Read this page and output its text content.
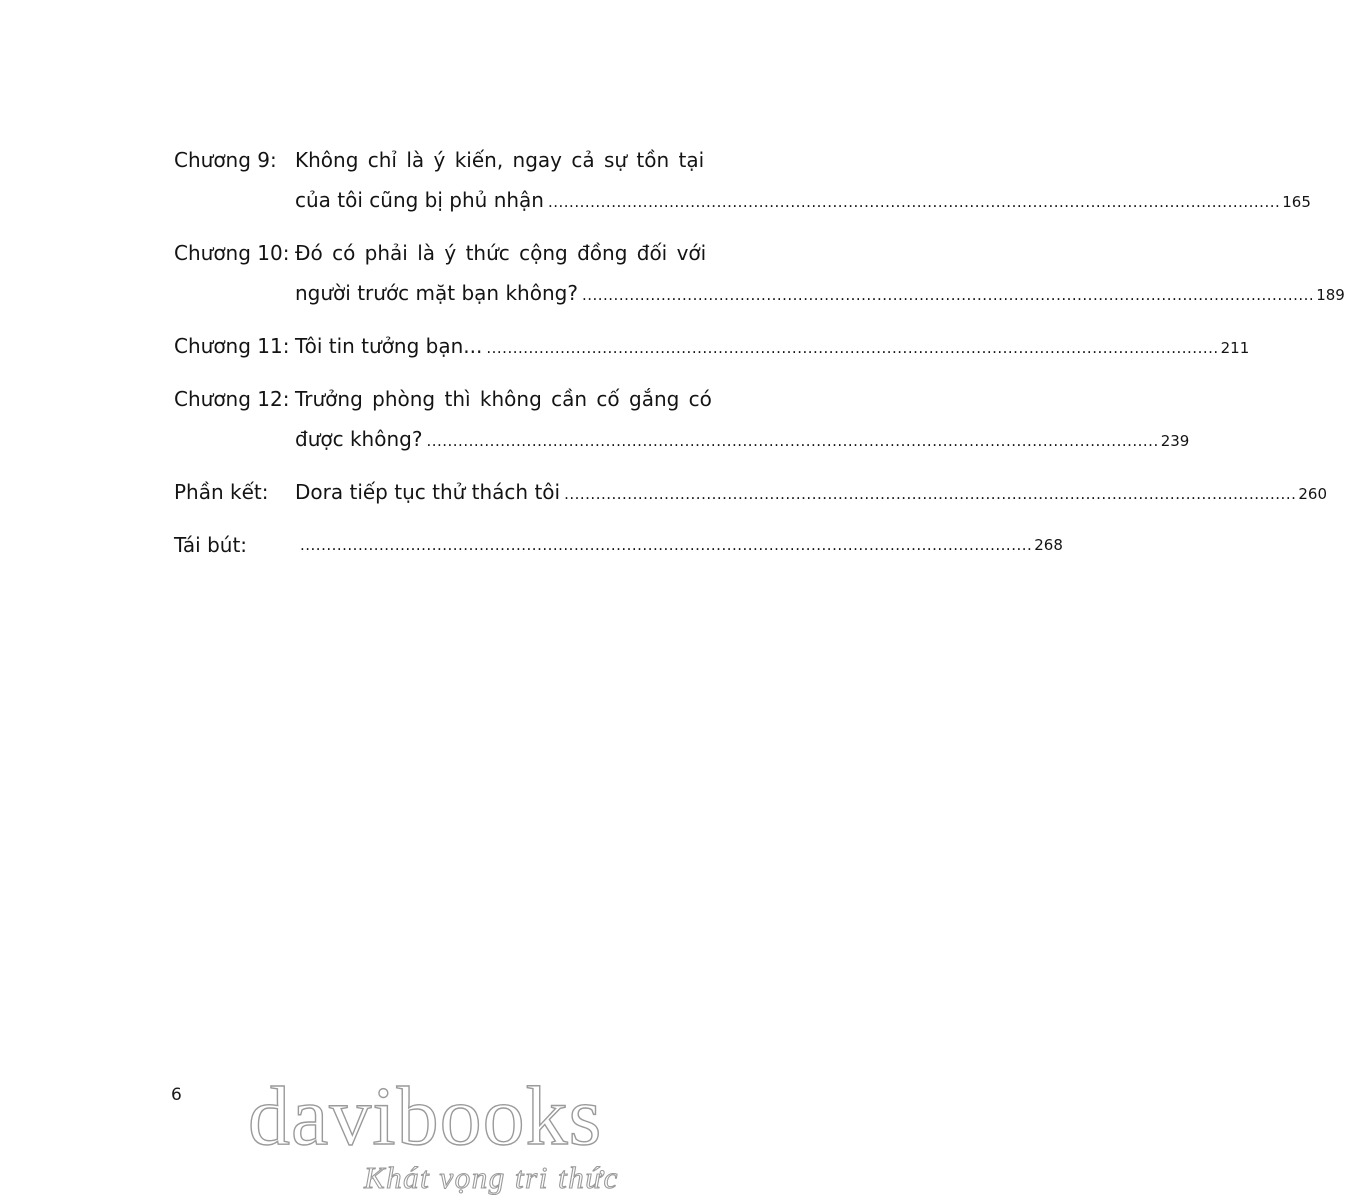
Chương 9: Không chỉ là ý kiến, ngay cả sự tồn tại
của tôi cũng bị phủ nhận ........................................................................................................................................... 165
Chương 10: Đó có phải là ý thức cộng đồng đối với
người trước mặt bạn không? ........................................................................................................................................... 189
Chương 11: Tôi tin tưởng bạn... ........................................................................................................................................... 211
Chương 12: Trưởng phòng thì không cần cố gắng có
được không? ........................................................................................................................................... 239
Phần kết:	Dora tiếp tục thử thách tôi ........................................................................................................................................... 260
Tái bút:	........................................................................................................................................... 268
6 davibooks
Khát vọng tri thức
